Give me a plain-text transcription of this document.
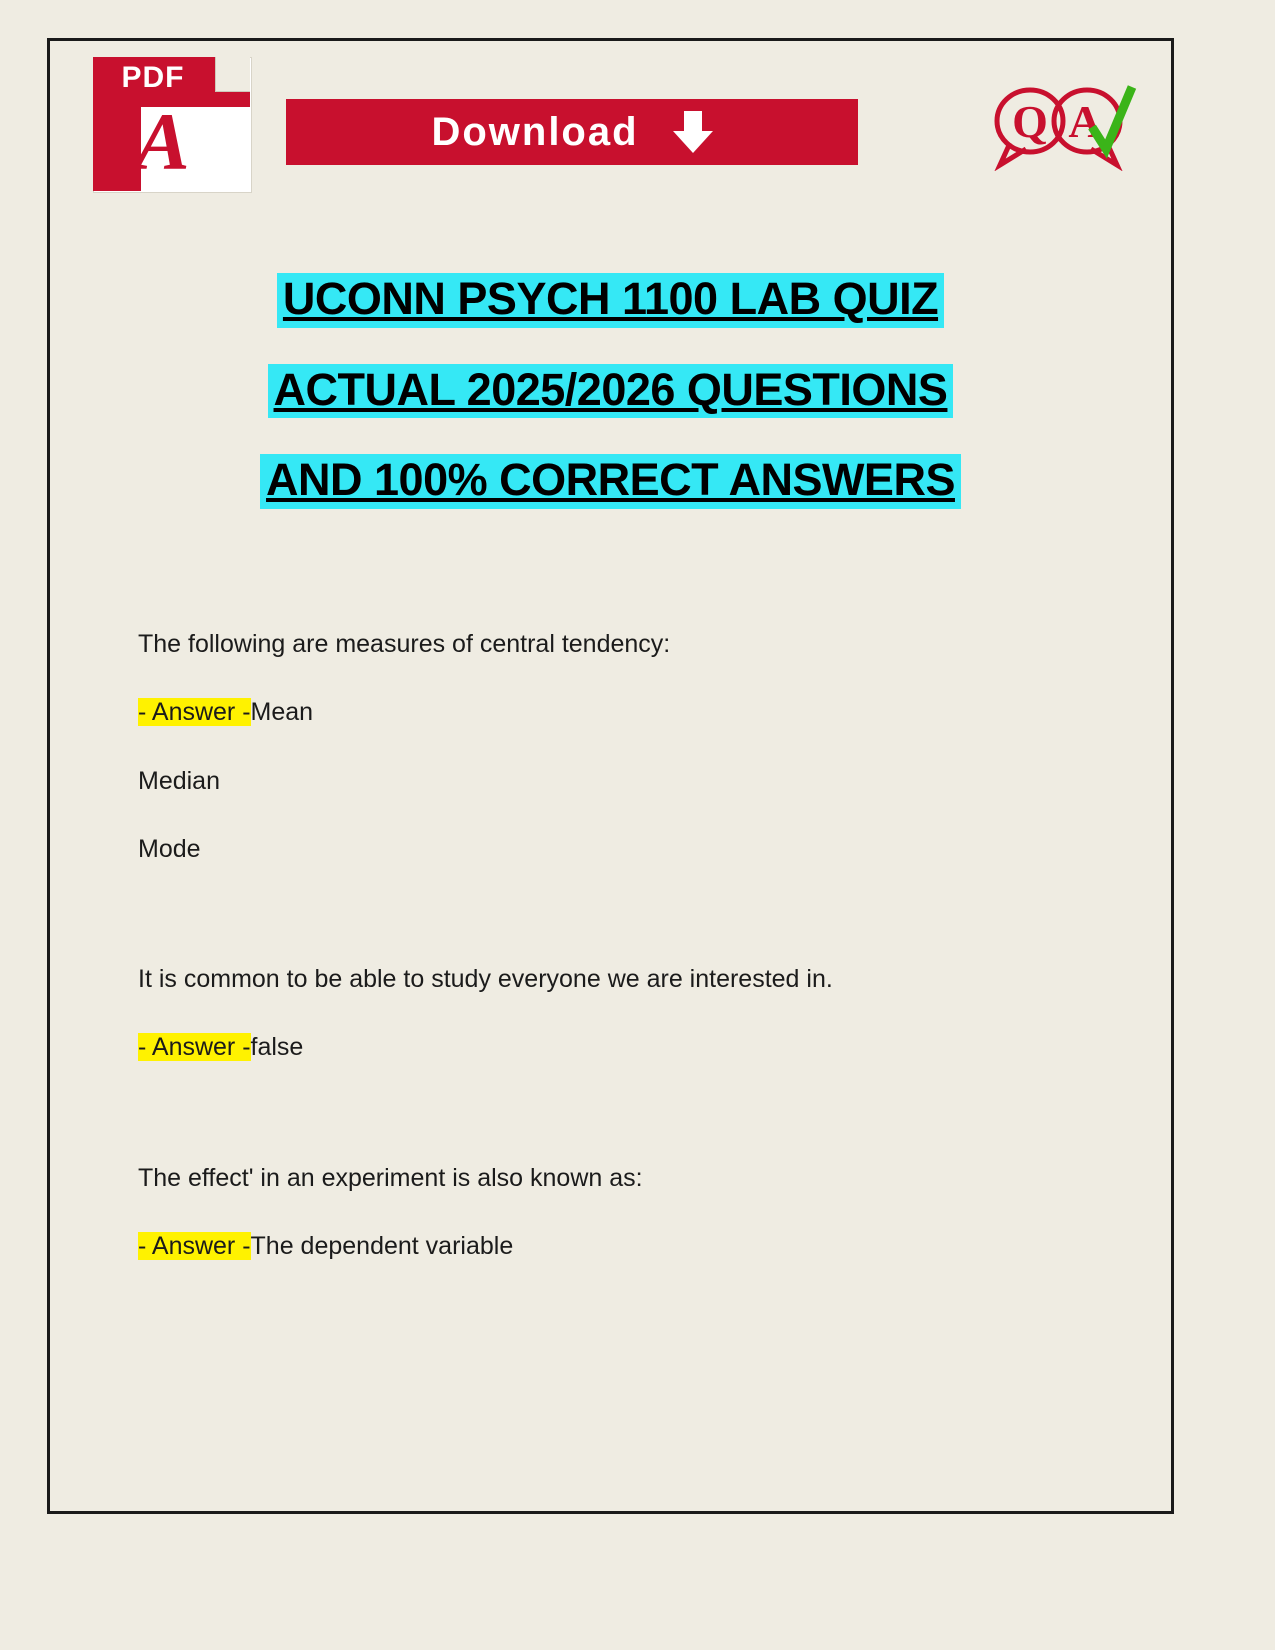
PDF
A	Download	Q A
UCONN PSYCH 1100 LAB QUIZ
ACTUAL 2025/2026 QUESTIONS
AND 100% CORRECT ANSWERS
The following are measures of central tendency:
- Answer -Mean
Median
Mode
It is common to be able to study everyone we are interested in.
- Answer -false
The effect' in an experiment is also known as:
- Answer -The dependent variable
